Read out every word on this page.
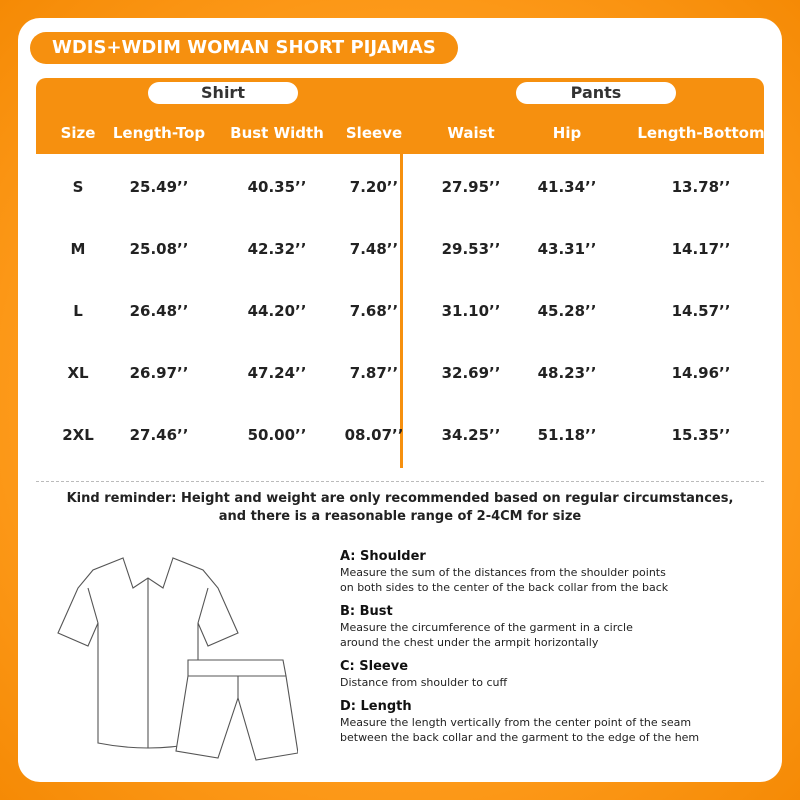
WDIS+WDIM WOMAN SHORT PIJAMAS
Shirt	Pants
Size	Length-Top	Bust Width	Sleeve	Waist	Hip	Length-Bottom
S	25.49’’	40.35’’	7.20’’	27.95’’	41.34’’	13.78’’
M	25.08’’	42.32’’	7.48’’	29.53’’	43.31’’	14.17’’
L	26.48’’	44.20’’	7.68’’	31.10’’	45.28’’	14.57’’
XL	26.97’’	47.24’’	7.87’’	32.69’’	48.23’’	14.96’’
2XL	27.46’’	50.00’’	08.07’’	34.25’’	51.18’’	15.35’’
Kind reminder: Height and weight are only recommended based on regular circumstances,
and there is a reasonable range of 2-4CM for size
A: Shoulder
Measure the sum of the distances from the shoulder points
on both sides to the center of the back collar from the back
B: Bust
Measure the circumference of the garment in a circle
around the chest under the armpit horizontally
C: Sleeve
Distance from shoulder to cuff
D: Length
Measure the length vertically from the center point of the seam
between the back collar and the garment to the edge of the hem
